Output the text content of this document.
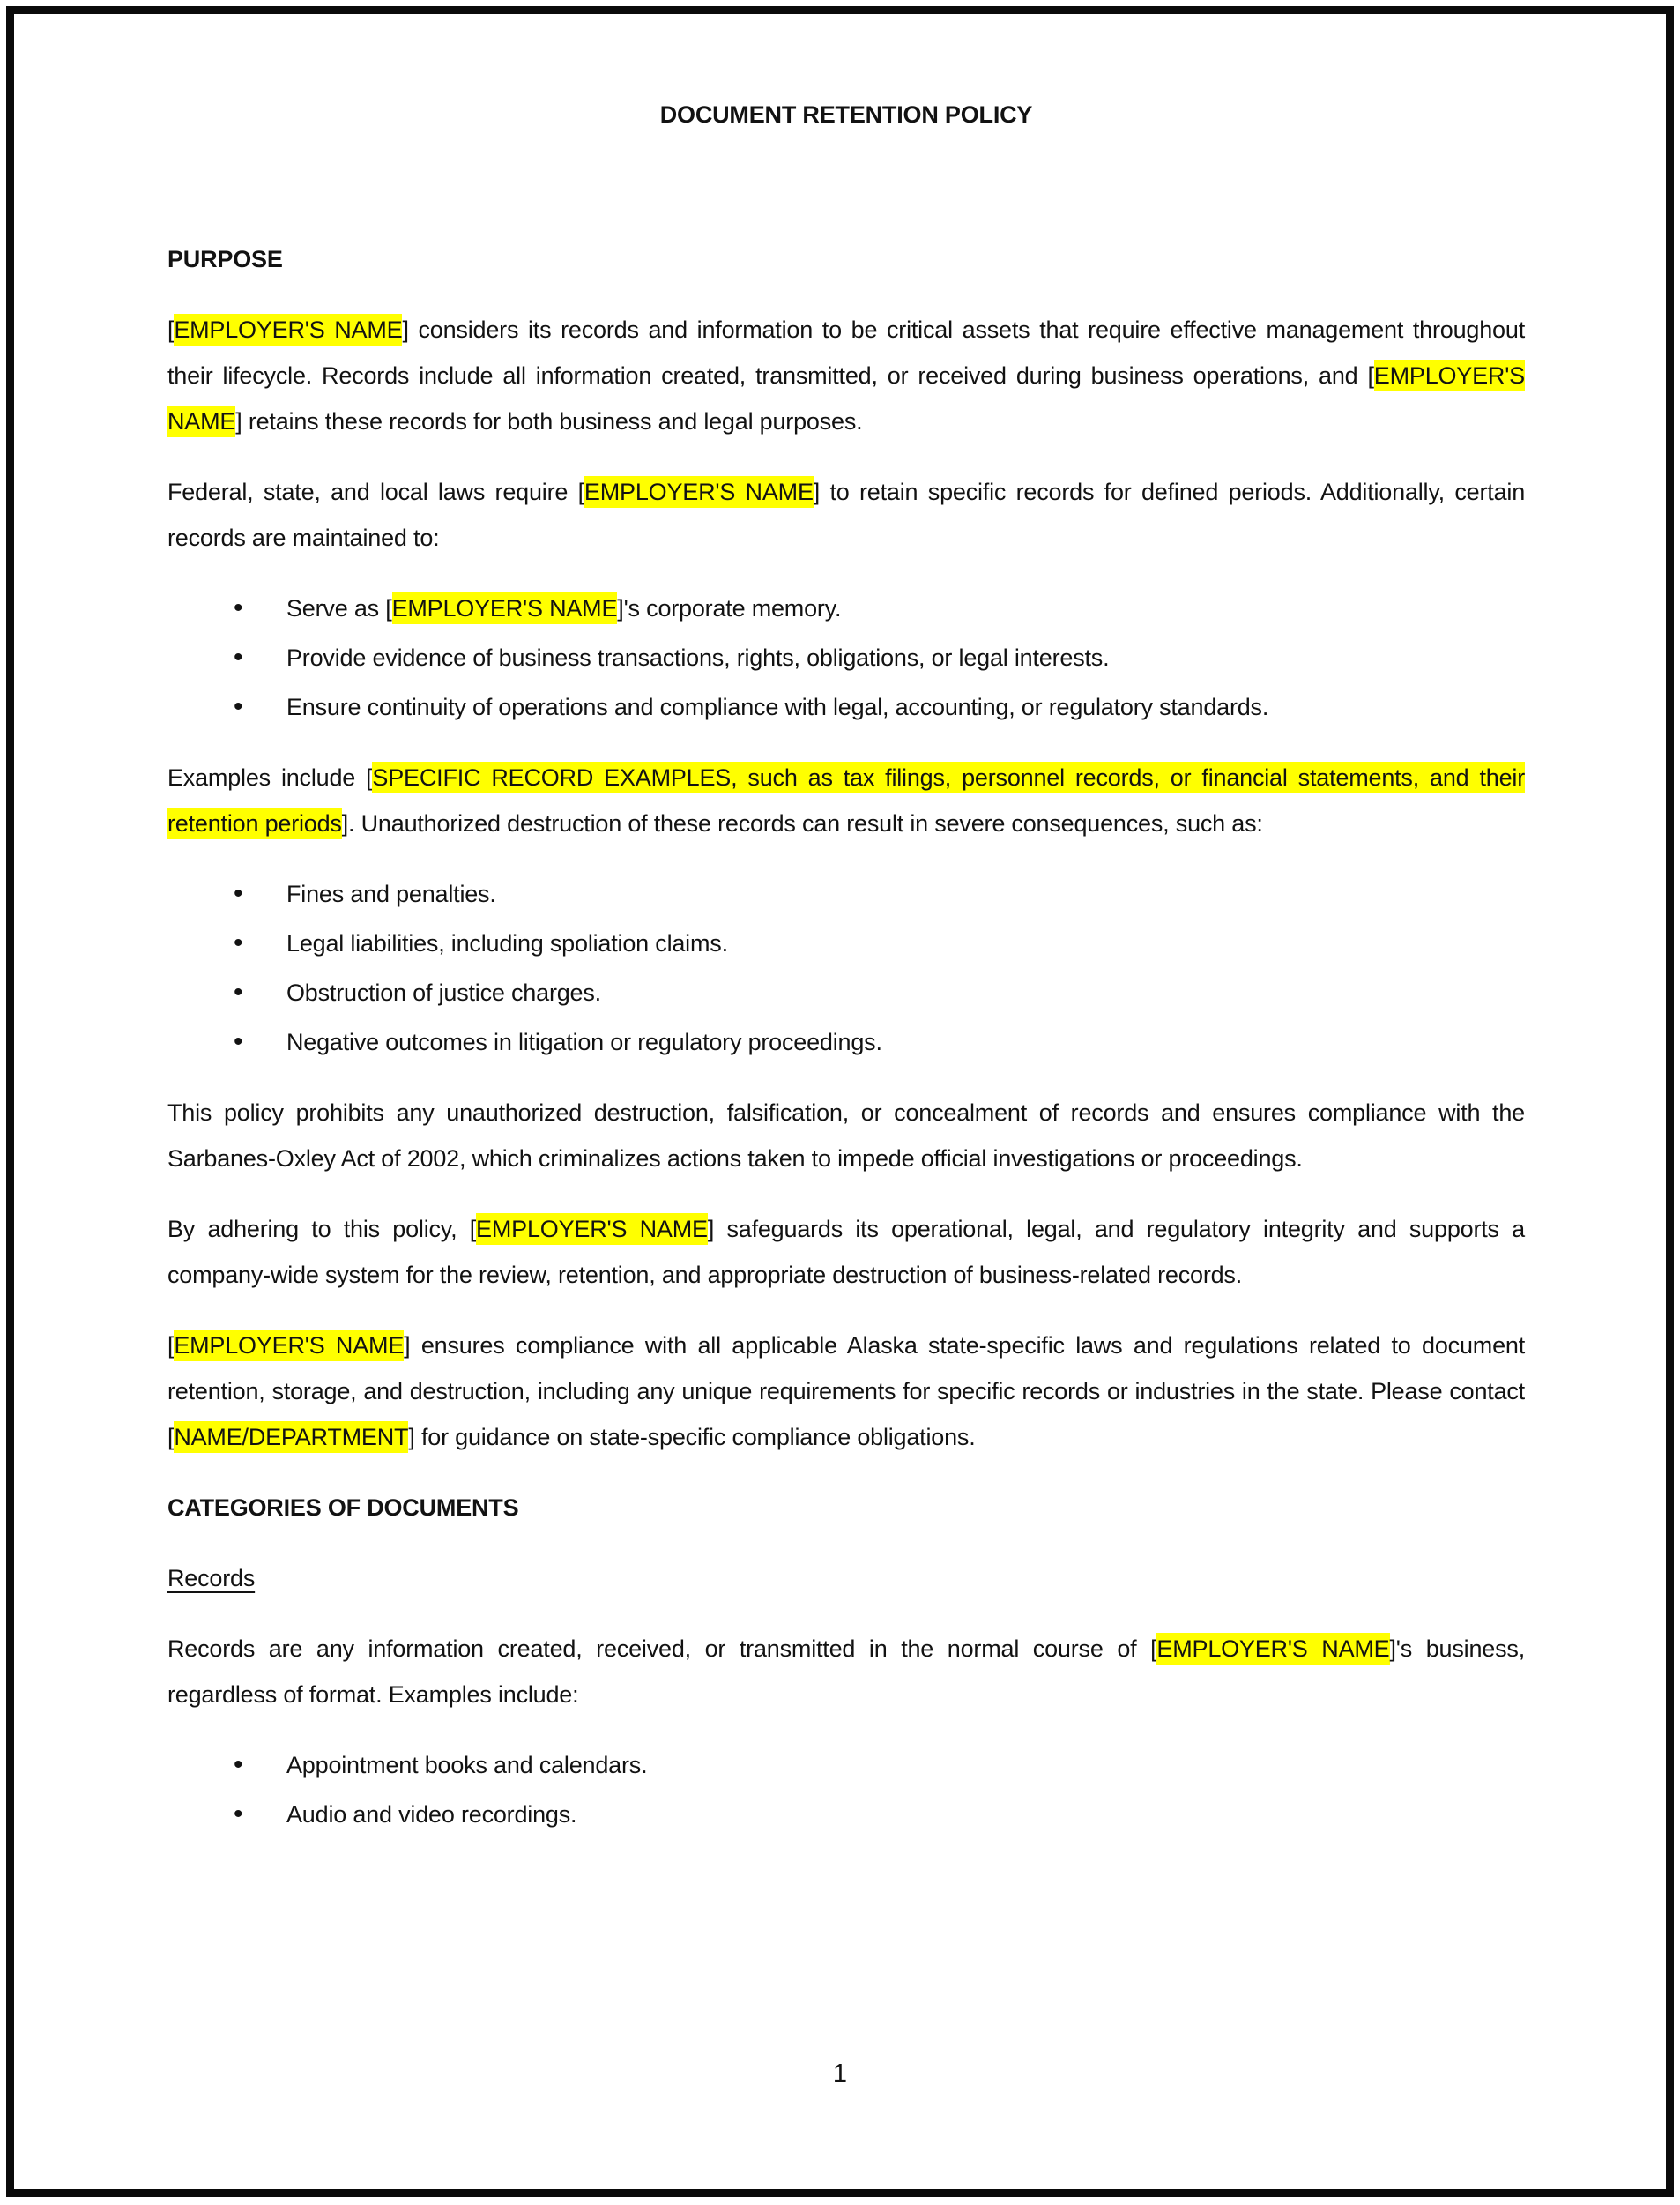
DOCUMENT RETENTION POLICY
PURPOSE

[EMPLOYER'S NAME] considers its records and information to be critical assets that require effective management throughout their lifecycle. Records include all information created, transmitted, or received during business operations, and [EMPLOYER'S NAME] retains these records for both business and legal purposes.

Federal, state, and local laws require [EMPLOYER'S NAME] to retain specific records for defined periods. Additionally, certain records are maintained to:

• Serve as [EMPLOYER'S NAME]'s corporate memory.
• Provide evidence of business transactions, rights, obligations, or legal interests.
• Ensure continuity of operations and compliance with legal, accounting, or regulatory standards.

Examples include [SPECIFIC RECORD EXAMPLES, such as tax filings, personnel records, or financial statements, and their retention periods]. Unauthorized destruction of these records can result in severe consequences, such as:

• Fines and penalties.
• Legal liabilities, including spoliation claims.
• Obstruction of justice charges.
• Negative outcomes in litigation or regulatory proceedings.

This policy prohibits any unauthorized destruction, falsification, or concealment of records and ensures compliance with the Sarbanes-Oxley Act of 2002, which criminalizes actions taken to impede official investigations or proceedings.

By adhering to this policy, [EMPLOYER'S NAME] safeguards its operational, legal, and regulatory integrity and supports a company-wide system for the review, retention, and appropriate destruction of business-related records.

[EMPLOYER'S NAME] ensures compliance with all applicable Alaska state-specific laws and regulations related to document retention, storage, and destruction, including any unique requirements for specific records or industries in the state. Please contact [NAME/DEPARTMENT] for guidance on state-specific compliance obligations.

CATEGORIES OF DOCUMENTS
Records

Records are any information created, received, or transmitted in the normal course of [EMPLOYER'S NAME]'s business, regardless of format. Examples include:

• Appointment books and calendars.
• Audio and video recordings.
1
